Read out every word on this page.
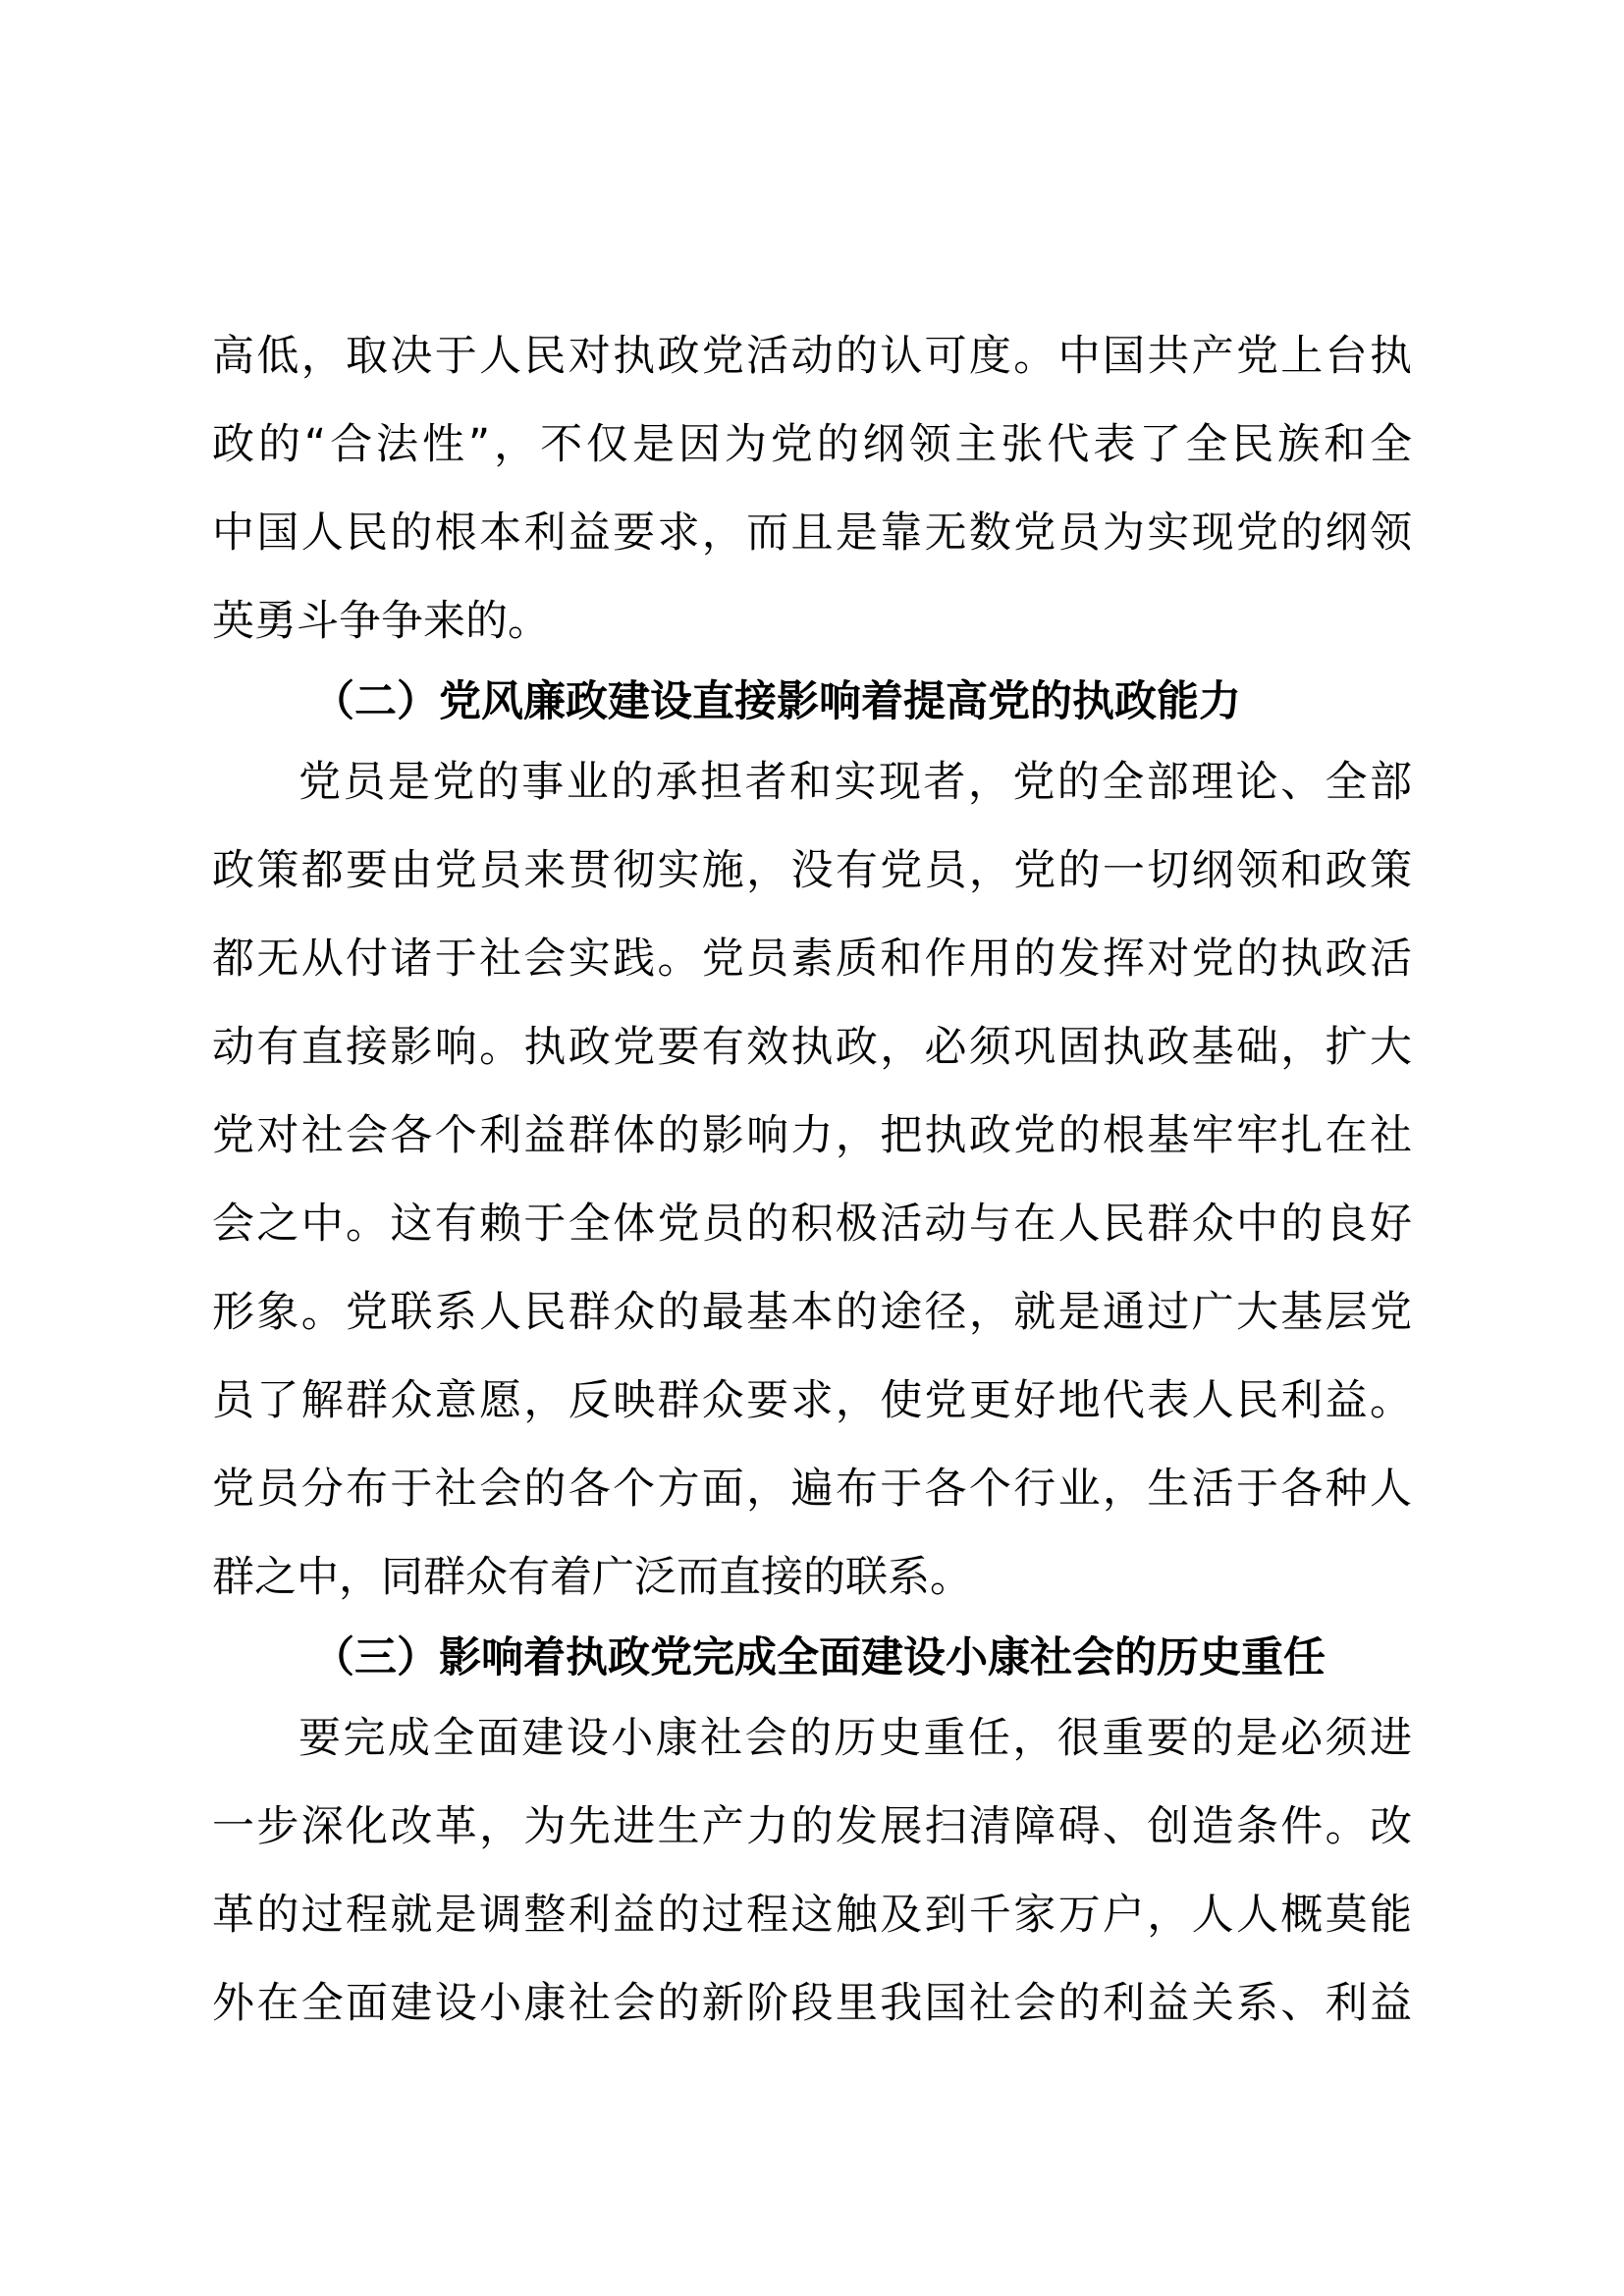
高低，取决于人民对执政党活动的认可度。中国共产党上台执
政的“合法性”，不仅是因为党的纲领主张代表了全民族和全
中国人民的根本利益要求，而且是靠无数党员为实现党的纲领
英勇斗争争来的。
（二）党风廉政建设直接影响着提高党的执政能力
党员是党的事业的承担者和实现者，党的全部理论、全部
政策都要由党员来贯彻实施，没有党员，党的一切纲领和政策
都无从付诸于社会实践。党员素质和作用的发挥对党的执政活
动有直接影响。执政党要有效执政，必须巩固执政基础，扩大
党对社会各个利益群体的影响力，把执政党的根基牢牢扎在社
会之中。这有赖于全体党员的积极活动与在人民群众中的良好
形象。党联系人民群众的最基本的途径，就是通过广大基层党
员了解群众意愿，反映群众要求，使党更好地代表人民利益。
党员分布于社会的各个方面，遍布于各个行业，生活于各种人
群之中，同群众有着广泛而直接的联系。
（三）影响着执政党完成全面建设小康社会的历史重任
要完成全面建设小康社会的历史重任，很重要的是必须进
一步深化改革，为先进生产力的发展扫清障碍、创造条件。改
革的过程就是调整利益的过程这触及到千家万户，人人概莫能
外在全面建设小康社会的新阶段里我国社会的利益关系、利益
